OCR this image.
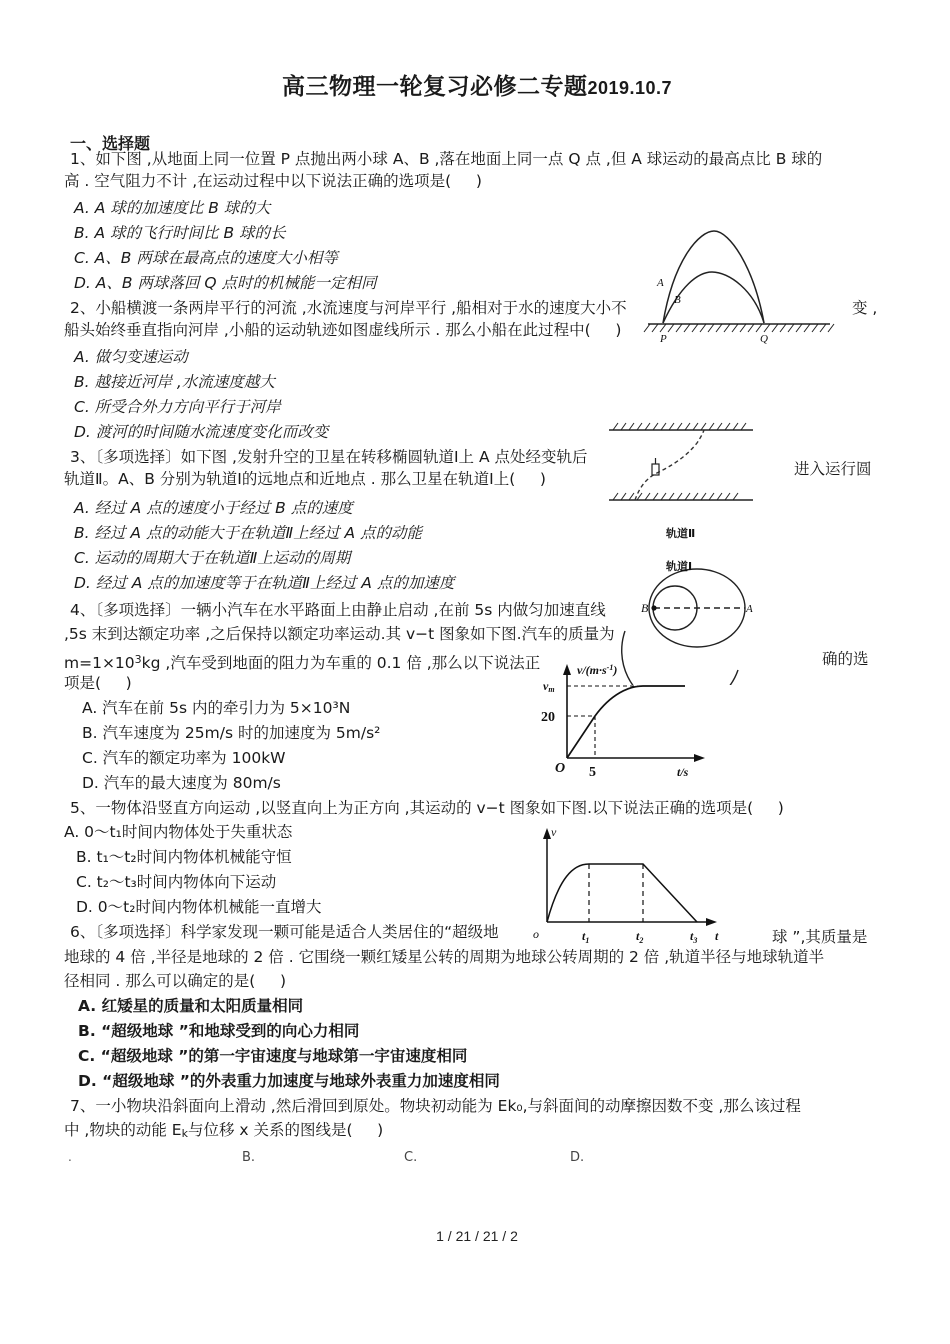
高三物理一轮复习必修二专题2019.10.7
一、选择题
1、如下图 ,从地面上同一位置 P 点抛出两小球 A、B ,落在地面上同一点 Q 点 ,但 A 球运动的最高点比 B 球的
高 . 空气阻力不计 ,在运动过程中以下说法正确的选项是(     )
A. A 球的加速度比 B 球的大
B. A 球的飞行时间比 B 球的长
C. A、B 两球在最高点的速度大小相等
D. A、B 两球落回 Q 点时的机械能一定相同
2、小船横渡一条两岸平行的河流 ,水流速度与河岸平行 ,船相对于水的速度大小不	变 ,
船头始终垂直指向河岸 ,小船的运动轨迹如图虚线所示 . 那么小船在此过程中(     )
A. 做匀变速运动
B. 越接近河岸 ,水流速度越大
C. 所受合外力方向平行于河岸
D. 渡河的时间随水流速度变化而改变
3、〔多项选择〕如下图 ,发射升空的卫星在转移椭圆轨道Ⅰ上 A 点处经变轨后
进入运行圆
轨道Ⅱ。A、B 分别为轨道Ⅰ的远地点和近地点 . 那么卫星在轨道Ⅰ上(     )
A. 经过 A 点的速度小于经过 B 点的速度
B. 经过 A 点的动能大于在轨道Ⅱ上经过 A 点的动能
C. 运动的周期大于在轨道Ⅱ上运动的周期
D. 经过 A 点的加速度等于在轨道Ⅱ上经过 A 点的加速度
4、〔多项选择〕一辆小汽车在水平路面上由静止启动 ,在前 5s 内做匀加速直线
,5s 末到达额定功率 ,之后保持以额定功率运动.其 v−t 图象如下图.汽车的质量为
$m=1\times 10^3kg$ ,汽车受到地面的阻力为车重的 0.1 倍 ,那么以下说法正	确的选
项是(     )
A. 汽车在前 5s 内的牵引力为 5×10³N
B. 汽车速度为 25m/s 时的加速度为 5m/s²
C. 汽车的额定功率为 100kW
D. 汽车的最大速度为 80m/s
5、一物体沿竖直方向运动 ,以竖直向上为正方向 ,其运动的 v−t 图象如下图.以下说法正确的选项是(     )
A. 0～t₁时间内物体处于失重状态
B. t₁～t₂时间内物体机械能守恒
C. t₂～t₃时间内物体向下运动
D. 0～t₂时间内物体机械能一直增大
6、〔多项选择〕科学家发现一颗可能是适合人类居住的“超级地	球 ”,其质量是
地球的 4 倍 ,半径是地球的 2 倍 . 它围绕一颗红矮星公转的周期为地球公转周期的 2 倍 ,轨道半径与地球轨道半
径相同 . 那么可以确定的是(     )
A. 红矮星的质量和太阳质量相同
B. “超级地球 ”和地球受到的向心力相同
C. “超级地球 ”的第一宇宙速度与地球第一宇宙速度相同
D. “超级地球 ”的外表重力加速度与地球外表重力加速度相同
7、一小物块沿斜面向上滑动 ,然后滑回到原处。物块初动能为 Ek₀,与斜面间的动摩擦因数不变 ,那么该过程
中 ,物块的动能 Ek与位移 x 关系的图线是(     )
.	B.	C.	D.
1 / 21 / 21 / 2
A
B
P	Q
轨道Ⅱ
轨道Ⅰ
B	A
$v/(m\cdot s^{-1})$
vm
20
O 5	t/s
v
o	$t_1$	$t_2$	$t_3$ t
